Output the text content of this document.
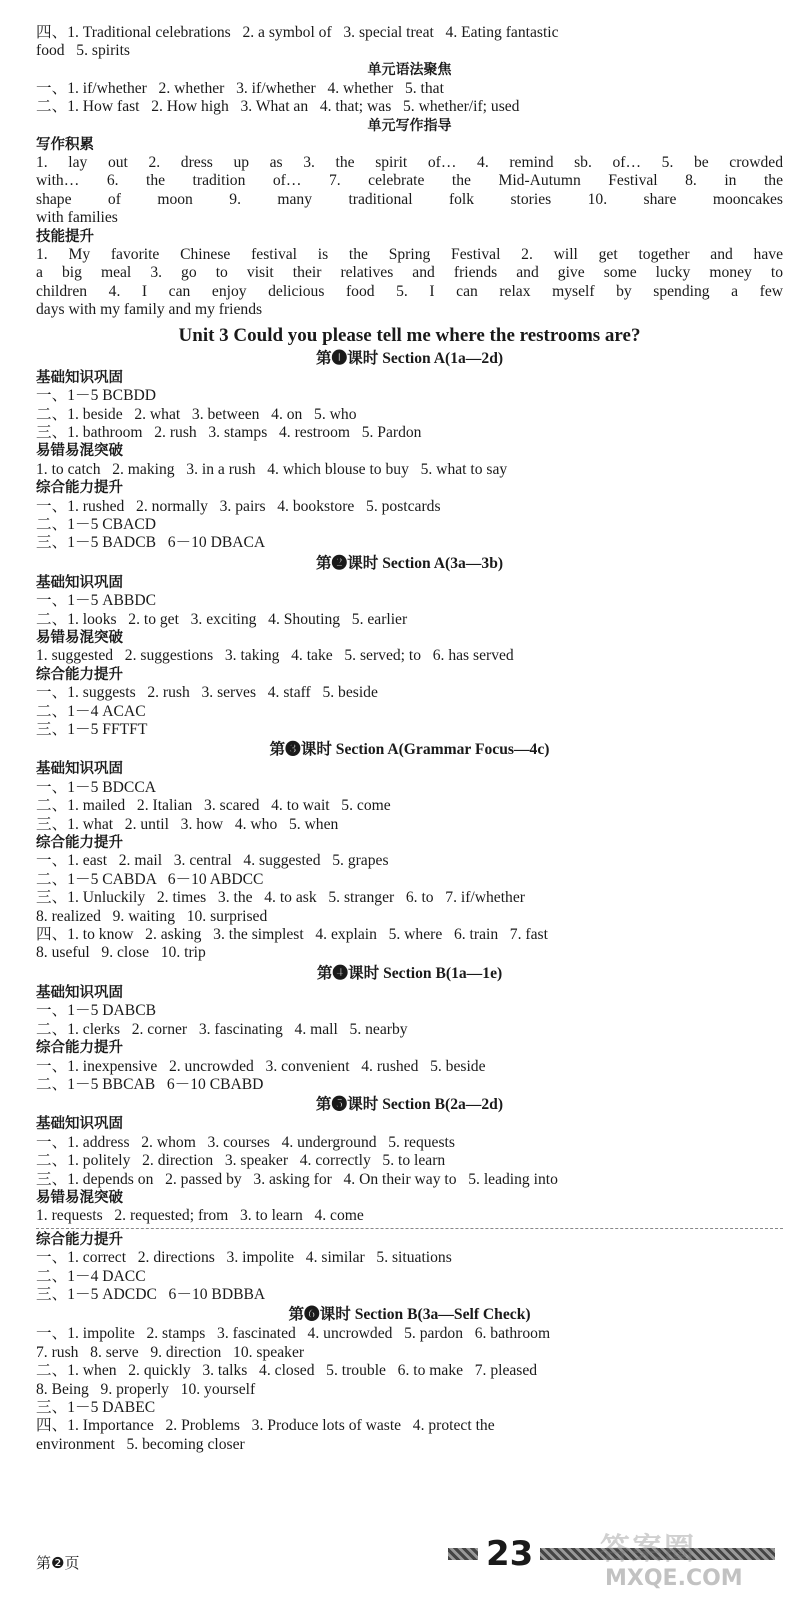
四、1. Traditional celebrations   2. a symbol of   3. special treat   4. Eating fantastic

food   5. spirits

单元语法聚焦

一、1. if/whether   2. whether   3. if/whether   4. whether   5. that

二、1. How fast   2. How high   3. What an   4. that; was   5. whether/if; used

单元写作指导

写作积累

1. lay out 2. dress up as 3. the spirit of… 4. remind sb. of… 5. be crowded

with… 6. the tradition of… 7. celebrate the Mid-Autumn Festival 8. in the

shape of moon 9. many traditional folk stories 10. share mooncakes

with families

技能提升

1. My favorite Chinese festival is the Spring Festival 2. will get together and have

a big meal 3. go to visit their relatives and friends and give some lucky money to

children 4. I can enjoy delicious food 5. I can relax myself by spending a few

days with my family and my friends

Unit 3 Could you please tell me where the restrooms are?

第❶课时 Section A(1a—2d)

基础知识巩固

一、1－5 BCBDD

二、1. beside   2. what   3. between   4. on   5. who

三、1. bathroom   2. rush   3. stamps   4. restroom   5. Pardon

易错易混突破

1. to catch   2. making   3. in a rush   4. which blouse to buy   5. what to say

综合能力提升

一、1. rushed   2. normally   3. pairs   4. bookstore   5. postcards

二、1－5 CBACD

三、1－5 BADCB   6－10 DBACA

第❷课时 Section A(3a—3b)

基础知识巩固

一、1－5 ABBDC

二、1. looks   2. to get   3. exciting   4. Shouting   5. earlier

易错易混突破

1. suggested   2. suggestions   3. taking   4. take   5. served; to   6. has served

综合能力提升

一、1. suggests   2. rush   3. serves   4. staff   5. beside

二、1－4 ACAC

三、1－5 FFTFT

第❸课时 Section A(Grammar Focus—4c)

基础知识巩固

一、1－5 BDCCA

二、1. mailed   2. Italian   3. scared   4. to wait   5. come

三、1. what   2. until   3. how   4. who   5. when

综合能力提升

一、1. east   2. mail   3. central   4. suggested   5. grapes

二、1－5 CABDA   6－10 ABDCC

三、1. Unluckily   2. times   3. the   4. to ask   5. stranger   6. to   7. if/whether

8. realized   9. waiting   10. surprised

四、1. to know   2. asking   3. the simplest   4. explain   5. where   6. train   7. fast

8. useful   9. close   10. trip

第❹课时 Section B(1a—1e)

基础知识巩固

一、1－5 DABCB

二、1. clerks   2. corner   3. fascinating   4. mall   5. nearby

综合能力提升

一、1. inexpensive   2. uncrowded   3. convenient   4. rushed   5. beside

二、1－5 BBCAB   6－10 CBABD

第❺课时 Section B(2a—2d)

基础知识巩固

一、1. address   2. whom   3. courses   4. underground   5. requests

二、1. politely   2. direction   3. speaker   4. correctly   5. to learn

三、1. depends on   2. passed by   3. asking for   4. On their way to   5. leading into

易错易混突破

1. requests   2. requested; from   3. to learn   4. come

综合能力提升

一、1. correct   2. directions   3. impolite   4. similar   5. situations

二、1－4 DACC

三、1－5 ADCDC   6－10 BDBBA

第❻课时 Section B(3a—Self Check)

一、1. impolite   2. stamps   3. fascinated   4. uncrowded   5. pardon   6. bathroom

7. rush   8. serve   9. direction   10. speaker

二、1. when   2. quickly   3. talks   4. closed   5. trouble   6. to make   7. pleased

8. Being   9. properly   10. yourself

三、1－5 DABEC

四、1. Importance   2. Problems   3. Produce lots of waste   4. protect the

environment   5. becoming closer

第❷页	23 答案圈
MXQE.COM
